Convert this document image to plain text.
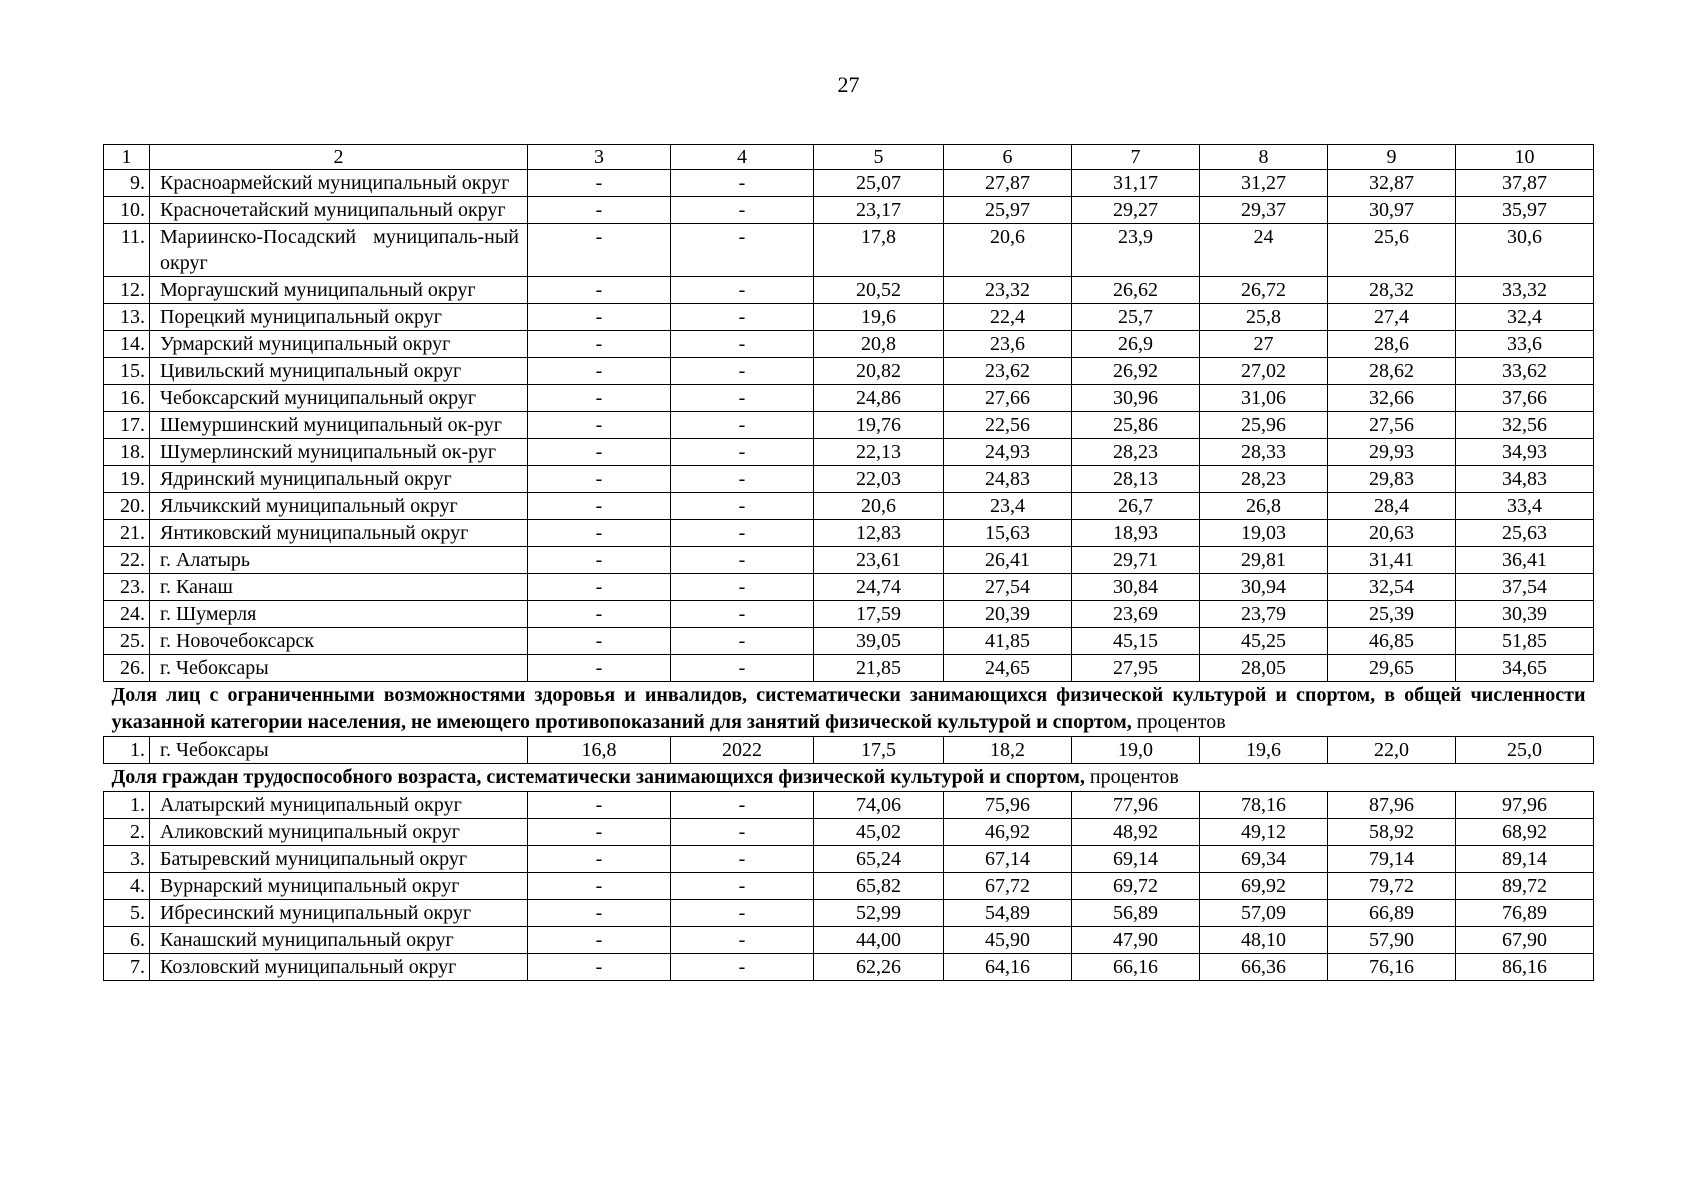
27
1	2	3	4	5	6	7	8	9	10
9.	Красноармейский муниципальный округ	-	-	25,07	27,87	31,17	31,27	32,87	37,87
10.	Красночетайский муниципальный округ	-	-	23,17	25,97	29,27	29,37	30,97	35,97
11.	Мариинско-Посадский муниципаль-ный округ	-	-	17,8	20,6	23,9	24	25,6	30,6
12.	Моргаушский муниципальный округ	-	-	20,52	23,32	26,62	26,72	28,32	33,32
13.	Порецкий муниципальный округ	-	-	19,6	22,4	25,7	25,8	27,4	32,4
14.	Урмарский муниципальный округ	-	-	20,8	23,6	26,9	27	28,6	33,6
15.	Цивильский муниципальный округ	-	-	20,82	23,62	26,92	27,02	28,62	33,62
16.	Чебоксарский муниципальный округ	-	-	24,86	27,66	30,96	31,06	32,66	37,66
17.	Шемуршинский муниципальный ок-руг	-	-	19,76	22,56	25,86	25,96	27,56	32,56
18.	Шумерлинский муниципальный ок-руг	-	-	22,13	24,93	28,23	28,33	29,93	34,93
19.	Ядринский муниципальный округ	-	-	22,03	24,83	28,13	28,23	29,83	34,83
20.	Яльчикский муниципальный округ	-	-	20,6	23,4	26,7	26,8	28,4	33,4
21.	Янтиковский муниципальный округ	-	-	12,83	15,63	18,93	19,03	20,63	25,63
22.	г. Алатырь	-	-	23,61	26,41	29,71	29,81	31,41	36,41
23.	г. Канаш	-	-	24,74	27,54	30,84	30,94	32,54	37,54
24.	г. Шумерля	-	-	17,59	20,39	23,69	23,79	25,39	30,39
25.	г. Новочебоксарск	-	-	39,05	41,85	45,15	45,25	46,85	51,85
26.	г. Чебоксары	-	-	21,85	24,65	27,95	28,05	29,65	34,65
Доля лиц с ограниченными возможностями здоровья и инвалидов, систематически занимающихся физической культурой и спортом, в общей численности указанной категории населения, не имеющего противопоказаний для занятий физической культурой и спортом, процентов									
1.	г. Чебоксары	16,8	2022	17,5	18,2	19,0	19,6	22,0	25,0
Доля граждан трудоспособного возраста, систематически занимающихся физической культурой и спортом, процентов									
1.	Алатырский муниципальный округ	-	-	74,06	75,96	77,96	78,16	87,96	97,96
2.	Аликовский муниципальный округ	-	-	45,02	46,92	48,92	49,12	58,92	68,92
3.	Батыревский муниципальный округ	-	-	65,24	67,14	69,14	69,34	79,14	89,14
4.	Вурнарский муниципальный округ	-	-	65,82	67,72	69,72	69,92	79,72	89,72
5.	Ибресинский муниципальный округ	-	-	52,99	54,89	56,89	57,09	66,89	76,89
6.	Канашский муниципальный округ	-	-	44,00	45,90	47,90	48,10	57,90	67,90
7.	Козловский муниципальный округ	-	-	62,26	64,16	66,16	66,36	76,16	86,16
